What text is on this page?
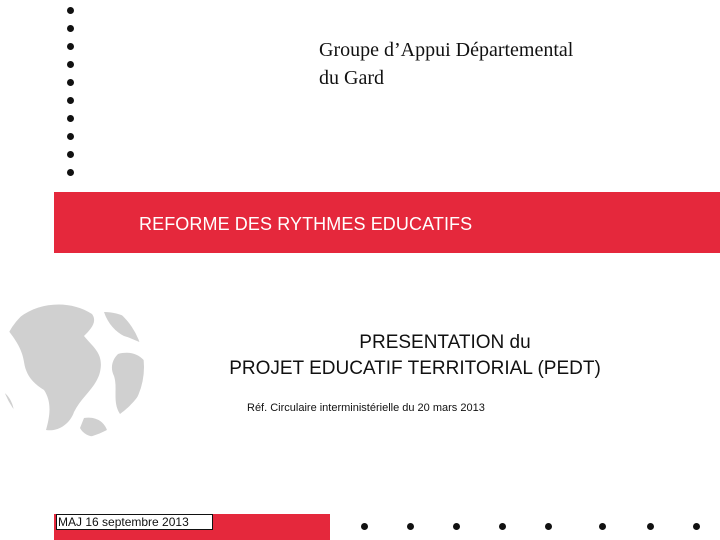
Groupe d’Appui Départemental
du Gard
REFORME DES RYTHMES EDUCATIFS
PRESENTATION du
PROJET EDUCATIF TERRITORIAL (PEDT)
Réf. Circulaire interministérielle du 20 mars 2013
MAJ 16 septembre 2013
